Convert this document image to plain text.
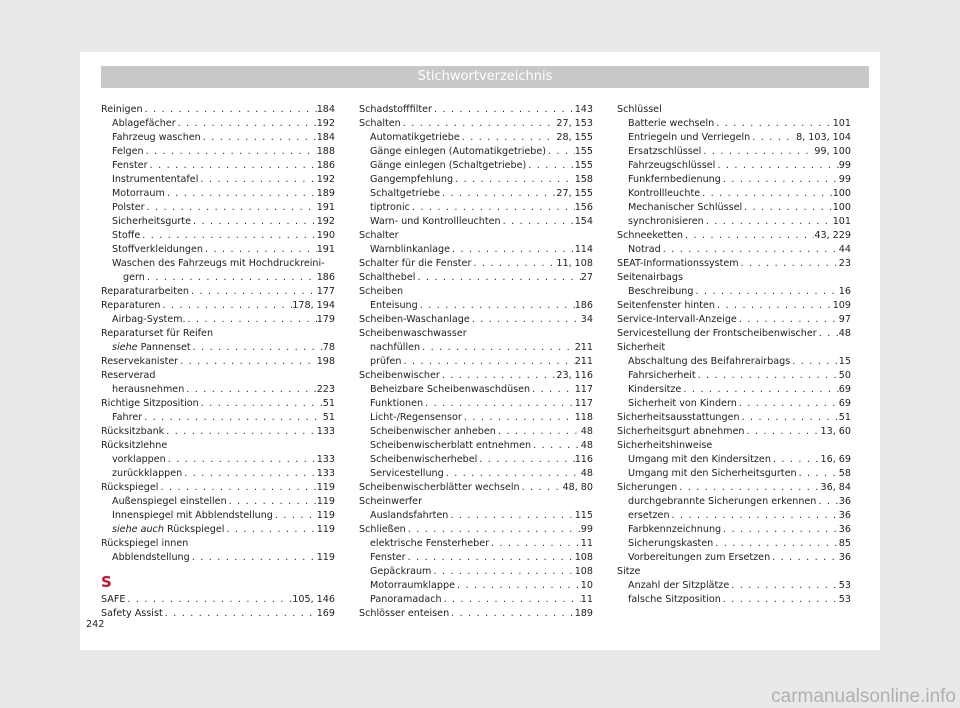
Stichwortverzeichnis
Reinigen . . .	184
Ablagefächer . . .	192
Fahrzeug waschen . . .	184
Felgen . . .	188
Fenster . . .	186
Instrumententafel . . .	192
Motorraum . . .	189
Polster . . .	191
Sicherheitsgurte . . .	192
Stoffe . . .	190
Stoffverkleidungen . . .	191
Waschen des Fahrzeugs mit Hochdruckreini-
gern . . .	186
Reparaturarbeiten . . .	177
Reparaturen . . .	178, 194
Airbag-System. . . .	179
Reparaturset für Reifen
siehe Pannenset . . .	78
Reservekanister . . .	198
Reserverad
herausnehmen . . .	223
Richtige Sitzposition . . .	51
Fahrer . . .	51
Rücksitzbank . . .	133
Rücksitzlehne
vorklappen . . .	133
zurückklappen . . .	133
Rückspiegel . . .	119
Außenspiegel einstellen . . .	119
Innenspiegel mit Abblendstellung . . .	119
siehe auch Rückspiegel . . .	119
Rückspiegel innen
Abblendstellung . . .	119
S
SAFE . . .	105, 146
Safety Assist . . .	169
Schadstofffilter . . .	143
Schalten . . .	27, 153
Automatikgetriebe . . .	28, 155
Gänge einlegen (Automatikgetriebe) . . .	155
Gänge einlegen (Schaltgetriebe) . . .	155
Gangempfehlung . . .	158
Schaltgetriebe . . .	27, 155
tiptronic . . .	156
Warn- und Kontrollleuchten . . .	154
Schalter
Warnblinkanlage . . .	114
Schalter für die Fenster . . .	11, 108
Schalthebel . . .	27
Scheiben
Enteisung . . .	186
Scheiben-Waschanlage . . .	34
Scheibenwaschwasser
nachfüllen . . .	211
prüfen . . .	211
Scheibenwischer . . .	23, 116
Beheizbare Scheibenwaschdüsen . . .	117
Funktionen . . .	117
Licht-/Regensensor . . .	118
Scheibenwischer anheben . . .	48
Scheibenwischerblatt entnehmen . . .	48
Scheibenwischerhebel . . .	116
Servicestellung . . .	48
Scheibenwischerblätter wechseln . . .	48, 80
Scheinwerfer
Auslandsfahrten . . .	115
Schließen . . .	99
elektrische Fensterheber . . .	11
Fenster . . .	108
Gepäckraum . . .	108
Motorraumklappe . . .	10
Panoramadach . . .	11
Schlösser enteisen . . .	189
Schlüssel
Batterie wechseln . . .	101
Entriegeln und Verriegeln . . .	8, 103, 104
Ersatzschlüssel . . .	99, 100
Fahrzeugschlüssel . . .	99
Funkfernbedienung . . .	99
Kontrollleuchte . . .	100
Mechanischer Schlüssel . . .	100
synchronisieren . . .	101
Schneeketten . . .	43, 229
Notrad . . .	44
SEAT-Informationssystem . . .	23
Seitenairbags
Beschreibung . . .	16
Seitenfenster hinten . . .	109
Service-Intervall-Anzeige . . .	97
Servicestellung der Frontscheibenwischer . . . 48
Sicherheit
Abschaltung des Beifahrerairbags . . .	15
Fahrsicherheit . . .	50
Kindersitze . . .	69
Sicherheit von Kindern . . .	69
Sicherheitsausstattungen . . .	51
Sicherheitsgurt abnehmen . . .	13, 60
Sicherheitshinweise
Umgang mit den Kindersitzen . . .	16, 69
Umgang mit den Sicherheitsgurten . . .	58
Sicherungen . . .	36, 84
durchgebrannte Sicherungen erkennen . . . 36
ersetzen . . .	36
Farbkennzeichnung . . .	36
Sicherungskasten . . .	85
Vorbereitungen zum Ersetzen . . .	36
Sitze
Anzahl der Sitzplätze . . .	53
falsche Sitzposition . . .	53
242
carmanualsonline.info
